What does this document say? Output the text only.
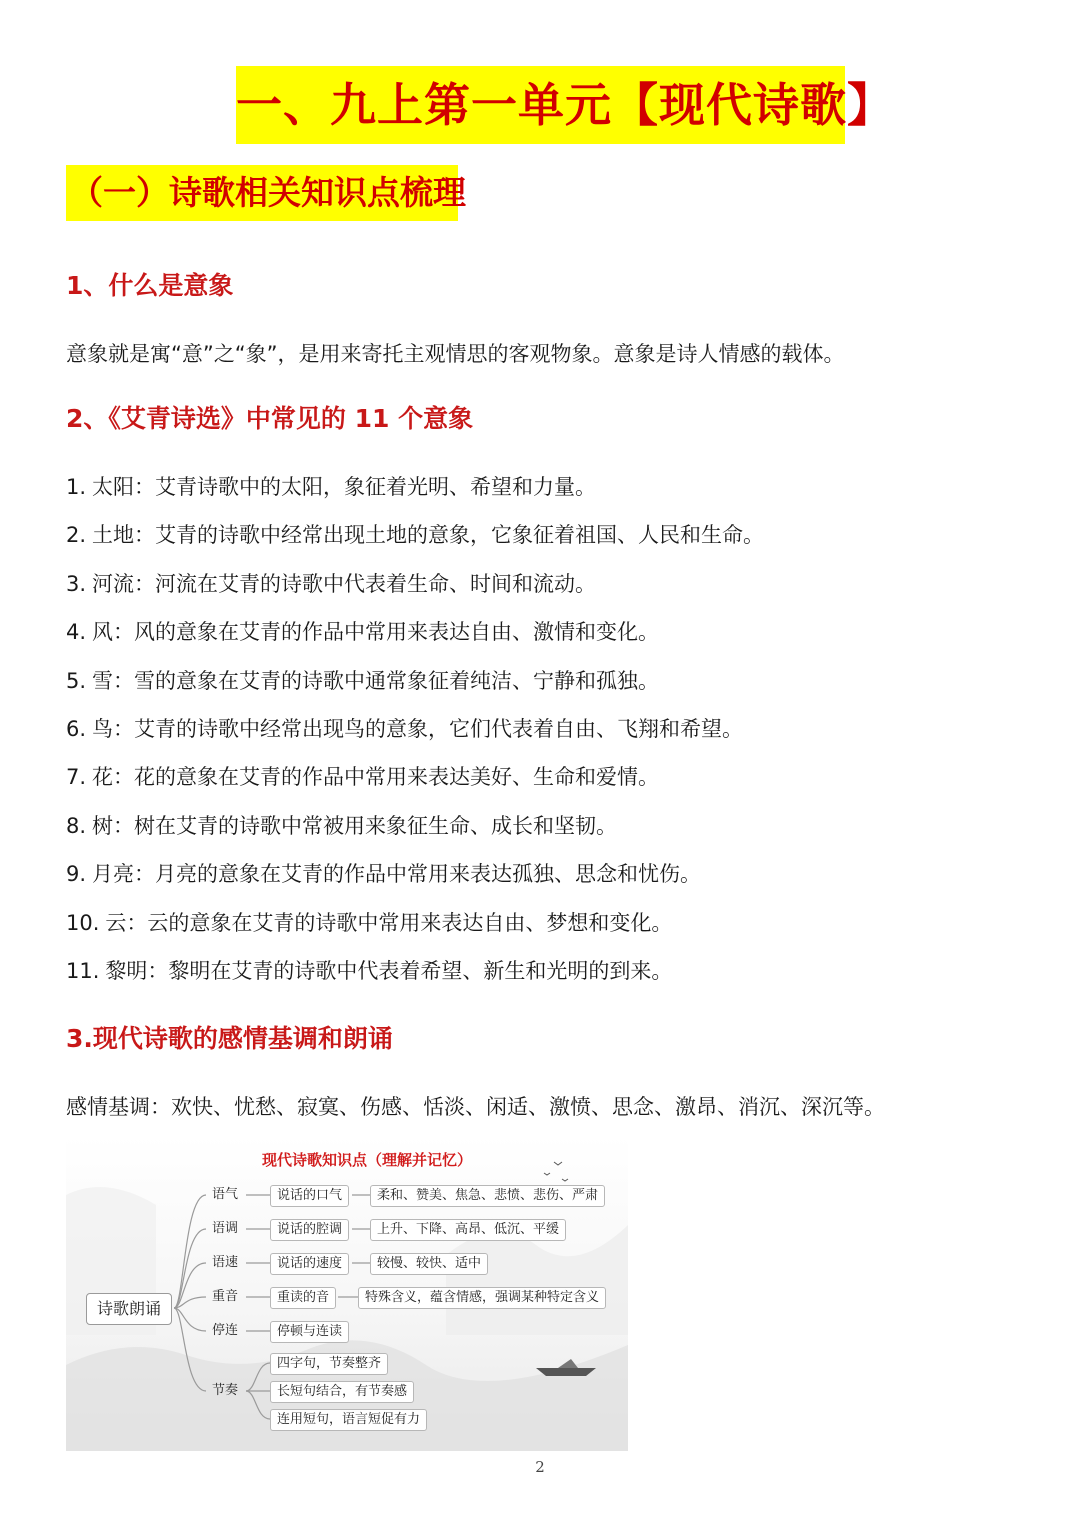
一、九上第一单元【现代诗歌】
（一）诗歌相关知识点梳理
1、什么是意象
意象就是寓“意”之“象”，是用来寄托主观情思的客观物象。意象是诗人情感的载体。
2、《艾青诗选》中常见的 11 个意象
1. 太阳：艾青诗歌中的太阳，象征着光明、希望和力量。
2. 土地：艾青的诗歌中经常出现土地的意象，它象征着祖国、人民和生命。
3. 河流：河流在艾青的诗歌中代表着生命、时间和流动。
4. 风：风的意象在艾青的作品中常用来表达自由、激情和变化。
5. 雪：雪的意象在艾青的诗歌中通常象征着纯洁、宁静和孤独。
6. 鸟：艾青的诗歌中经常出现鸟的意象，它们代表着自由、飞翔和希望。
7. 花：花的意象在艾青的作品中常用来表达美好、生命和爱情。
8. 树：树在艾青的诗歌中常被用来象征生命、成长和坚韧。
9. 月亮：月亮的意象在艾青的作品中常用来表达孤独、思念和忧伤。
10. 云：云的意象在艾青的诗歌中常用来表达自由、梦想和变化。
11. 黎明：黎明在艾青的诗歌中代表着希望、新生和光明的到来。
3.现代诗歌的感情基调和朗诵
感情基调：欢快、忧愁、寂寞、伤感、恬淡、闲适、激愤、思念、激昂、消沉、深沉等。
现代诗歌知识点（理解并记忆）
诗歌朗诵
语气	说话的口气	柔和、赞美、焦急、悲愤、悲伤、严肃
语调	说话的腔调	上升、下降、高昂、低沉、平缓
语速	说话的速度	较慢、较快、适中
重音	重读的音	特殊含义，蕴含情感，强调某种特定含义
停连	停顿与连读
节奏
四字句，节奏整齐
长短句结合，有节奏感
连用短句，语言短促有力
2
